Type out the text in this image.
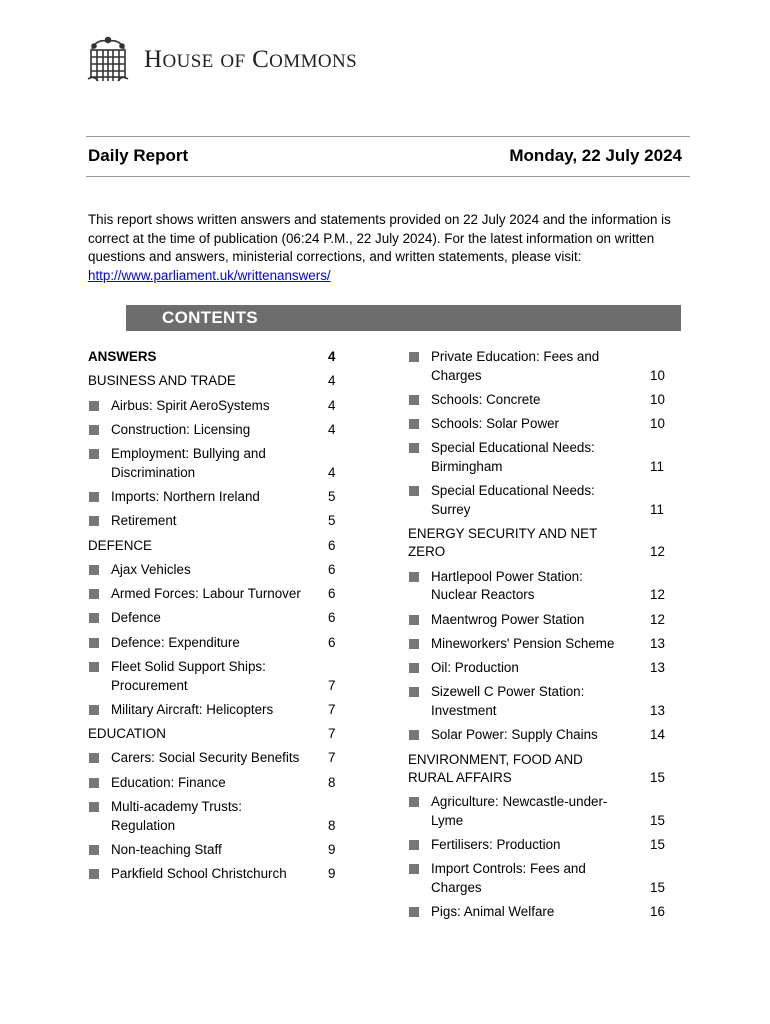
HOUSE OF COMMONS
Daily Report	Monday, 22 July 2024
This report shows written answers and statements provided on 22 July 2024 and the information is correct at the time of publication (06:24 P.M., 22 July 2024). For the latest information on written questions and answers, ministerial corrections, and written statements, please visit: http://www.parliament.uk/writtenanswers/
CONTENTS
ANSWERS	4
BUSINESS AND TRADE	4
Airbus: Spirit AeroSystems	4
Construction: Licensing	4
Employment: Bullying and Discrimination	4
Imports: Northern Ireland	5
Retirement	5
DEFENCE	6
Ajax Vehicles	6
Armed Forces: Labour Turnover	6
Defence	6
Defence: Expenditure	6
Fleet Solid Support Ships: Procurement	7
Military Aircraft: Helicopters	7
EDUCATION	7
Carers: Social Security Benefits	7
Education: Finance	8
Multi-academy Trusts: Regulation	8
Non-teaching Staff	9
Parkfield School Christchurch	9
Private Education: Fees and Charges	10
Schools: Concrete	10
Schools: Solar Power	10
Special Educational Needs: Birmingham	11
Special Educational Needs: Surrey	11
ENERGY SECURITY AND NET ZERO	12
Hartlepool Power Station: Nuclear Reactors	12
Maentwrog Power Station	12
Mineworkers' Pension Scheme	13
Oil: Production	13
Sizewell C Power Station: Investment	13
Solar Power: Supply Chains	14
ENVIRONMENT, FOOD AND RURAL AFFAIRS	15
Agriculture: Newcastle-under-Lyme	15
Fertilisers: Production	15
Import Controls: Fees and Charges	15
Pigs: Animal Welfare	16
